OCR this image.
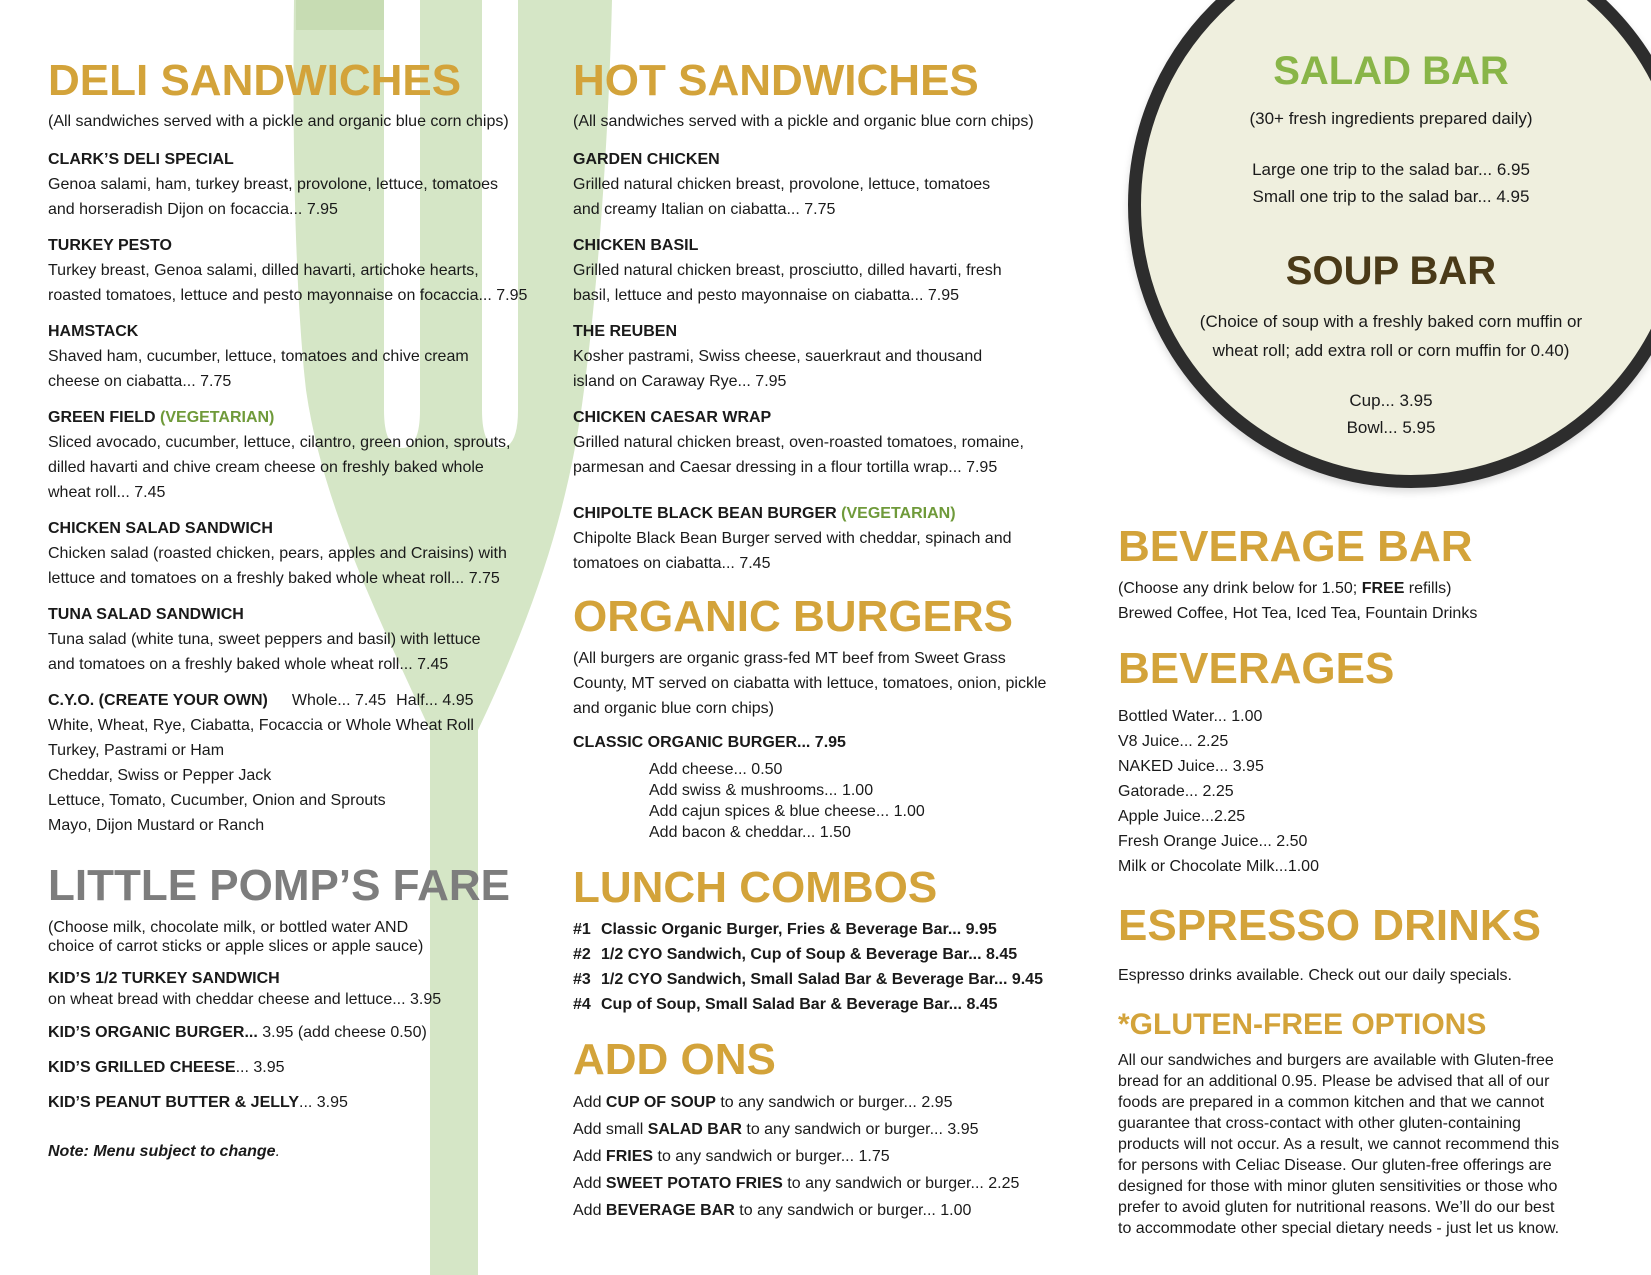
DELI SANDWICHES

(All sandwiches served with a pickle and organic blue corn chips)

CLARK’S DELI SPECIAL
Genoa salami, ham, turkey breast, provolone, lettuce, tomatoes
and horseradish Dijon on focaccia... 7.95
TURKEY PESTO
Turkey breast, Genoa salami, dilled havarti, artichoke hearts,
roasted tomatoes, lettuce and pesto mayonnaise on focaccia... 7.95
HAMSTACK
Shaved ham, cucumber, lettuce, tomatoes and chive cream
cheese on ciabatta... 7.75
GREEN FIELD (VEGETARIAN)
Sliced avocado, cucumber, lettuce, cilantro, green onion, sprouts,
dilled havarti and chive cream cheese on freshly baked whole
wheat roll... 7.45
CHICKEN SALAD SANDWICH
Chicken salad (roasted chicken, pears, apples and Craisins) with
lettuce and tomatoes on a freshly baked whole wheat roll... 7.75
TUNA SALAD SANDWICH
Tuna salad (white tuna, sweet peppers and basil) with lettuce
and tomatoes on a freshly baked whole wheat roll... 7.45
C.Y.O. (CREATE YOUR OWN) Whole... 7.45 Half... 4.95
White, Wheat, Rye, Ciabatta, Focaccia or Whole Wheat Roll
Turkey, Pastrami or Ham
Cheddar, Swiss or Pepper Jack
Lettuce, Tomato, Cucumber, Onion and Sprouts
Mayo, Dijon Mustard or Ranch
LITTLE POMP’S FARE
(Choose milk, chocolate milk, or bottled water AND
choice of carrot sticks or apple slices or apple sauce)
KID’S 1/2 TURKEY SANDWICH
on wheat bread with cheddar cheese and lettuce... 3.95
KID’S ORGANIC BURGER... 3.95 (add cheese 0.50)
KID’S GRILLED CHEESE... 3.95
KID’S PEANUT BUTTER & JELLY... 3.95
Note: Menu subject to change.
HOT SANDWICHES

(All sandwiches served with a pickle and organic blue corn chips)

GARDEN CHICKEN
Grilled natural chicken breast, provolone, lettuce, tomatoes
and creamy Italian on ciabatta... 7.75
CHICKEN BASIL
Grilled natural chicken breast, prosciutto, dilled havarti, fresh
basil, lettuce and pesto mayonnaise on ciabatta... 7.95
THE REUBEN
Kosher pastrami, Swiss cheese, sauerkraut and thousand
island on Caraway Rye... 7.95
CHICKEN CAESAR WRAP
Grilled natural chicken breast, oven-roasted tomatoes, romaine,
parmesan and Caesar dressing in a flour tortilla wrap... 7.95
CHIPOLTE BLACK BEAN BURGER (VEGETARIAN)
Chipolte Black Bean Burger served with cheddar, spinach and
tomatoes on ciabatta... 7.45
ORGANIC BURGERS
(All burgers are organic grass-fed MT beef from Sweet Grass
County, MT served on ciabatta with lettuce, tomatoes, onion, pickle
and organic blue corn chips)
CLASSIC ORGANIC BURGER... 7.95
Add cheese... 0.50
Add swiss & mushrooms... 1.00
Add cajun spices & blue cheese... 1.00
Add bacon & cheddar... 1.50
LUNCH COMBOS
#1 Classic Organic Burger, Fries & Beverage Bar... 9.95
#2 1/2 CYO Sandwich, Cup of Soup & Beverage Bar... 8.45
#3 1/2 CYO Sandwich, Small Salad Bar & Beverage Bar... 9.45
#4 Cup of Soup, Small Salad Bar & Beverage Bar... 8.45
ADD ONS
Add CUP OF SOUP to any sandwich or burger... 2.95
Add small SALAD BAR to any sandwich or burger... 3.95
Add FRIES to any sandwich or burger... 1.75
Add SWEET POTATO FRIES to any sandwich or burger... 2.25
Add BEVERAGE BAR to any sandwich or burger... 1.00
SALAD BAR
(30+ fresh ingredients prepared daily)
Large one trip to the salad bar... 6.95
Small one trip to the salad bar... 4.95
SOUP BAR
(Choice of soup with a freshly baked corn muffin or
wheat roll; add extra roll or corn muffin for 0.40)
Cup... 3.95
Bowl... 5.95
BEVERAGE BAR
(Choose any drink below for 1.50; FREE refills)
Brewed Coffee, Hot Tea, Iced Tea, Fountain Drinks
BEVERAGES
Bottled Water... 1.00
V8 Juice... 2.25
NAKED Juice... 3.95
Gatorade... 2.25
Apple Juice...2.25
Fresh Orange Juice... 2.50
Milk or Chocolate Milk...1.00
ESPRESSO DRINKS
Espresso drinks available. Check out our daily specials.
*GLUTEN-FREE OPTIONS
All our sandwiches and burgers are available with Gluten-free
bread for an additional 0.95. Please be advised that all of our
foods are prepared in a common kitchen and that we cannot
guarantee that cross-contact with other gluten-containing
products will not occur. As a result, we cannot recommend this
for persons with Celiac Disease. Our gluten-free offerings are
designed for those with minor gluten sensitivities or those who
prefer to avoid gluten for nutritional reasons. We’ll do our best
to accommodate other special dietary needs - just let us know.
